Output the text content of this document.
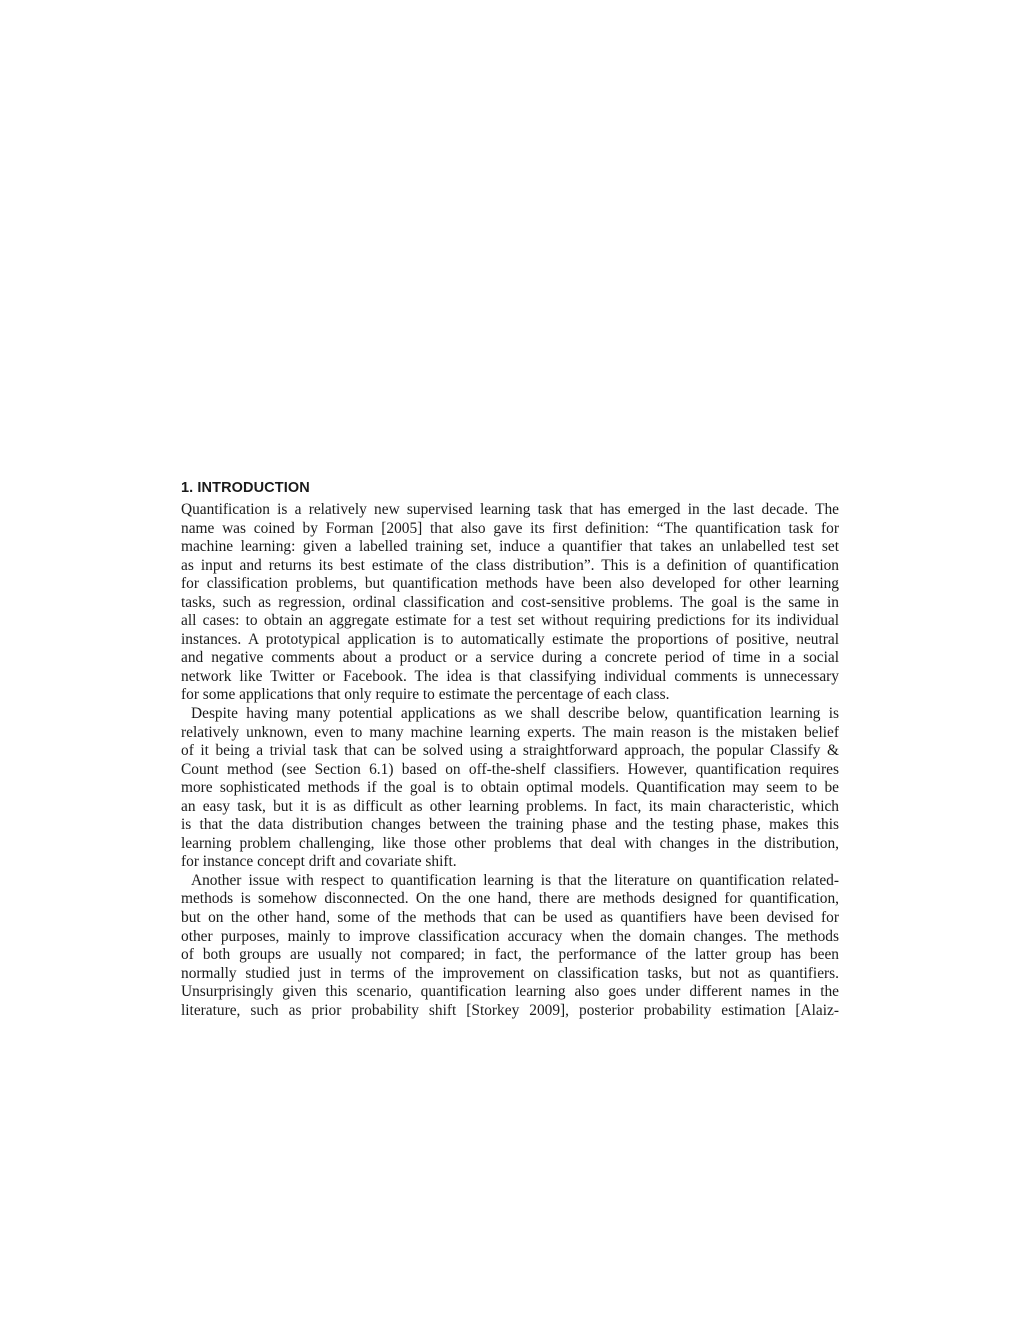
1. INTRODUCTION
Quantification is a relatively new supervised learning task that has emerged in the last decade. The
name was coined by Forman [2005] that also gave its first definition: “The quantification task for
machine learning: given a labelled training set, induce a quantifier that takes an unlabelled test set
as input and returns its best estimate of the class distribution”. This is a definition of quantification
for classification problems, but quantification methods have been also developed for other learning
tasks, such as regression, ordinal classification and cost-sensitive problems. The goal is the same in
all cases: to obtain an aggregate estimate for a test set without requiring predictions for its individual
instances. A prototypical application is to automatically estimate the proportions of positive, neutral
and negative comments about a product or a service during a concrete period of time in a social
network like Twitter or Facebook. The idea is that classifying individual comments is unnecessary
for some applications that only require to estimate the percentage of each class.
Despite having many potential applications as we shall describe below, quantification learning is
relatively unknown, even to many machine learning experts. The main reason is the mistaken belief
of it being a trivial task that can be solved using a straightforward approach, the popular Classify &
Count method (see Section 6.1) based on off-the-shelf classifiers. However, quantification requires
more sophisticated methods if the goal is to obtain optimal models. Quantification may seem to be
an easy task, but it is as difficult as other learning problems. In fact, its main characteristic, which
is that the data distribution changes between the training phase and the testing phase, makes this
learning problem challenging, like those other problems that deal with changes in the distribution,
for instance concept drift and covariate shift.
Another issue with respect to quantification learning is that the literature on quantification related-
methods is somehow disconnected. On the one hand, there are methods designed for quantification,
but on the other hand, some of the methods that can be used as quantifiers have been devised for
other purposes, mainly to improve classification accuracy when the domain changes. The methods
of both groups are usually not compared; in fact, the performance of the latter group has been
normally studied just in terms of the improvement on classification tasks, but not as quantifiers.
Unsurprisingly given this scenario, quantification learning also goes under different names in the
literature, such as prior probability shift [Storkey 2009], posterior probability estimation [Alaiz-
